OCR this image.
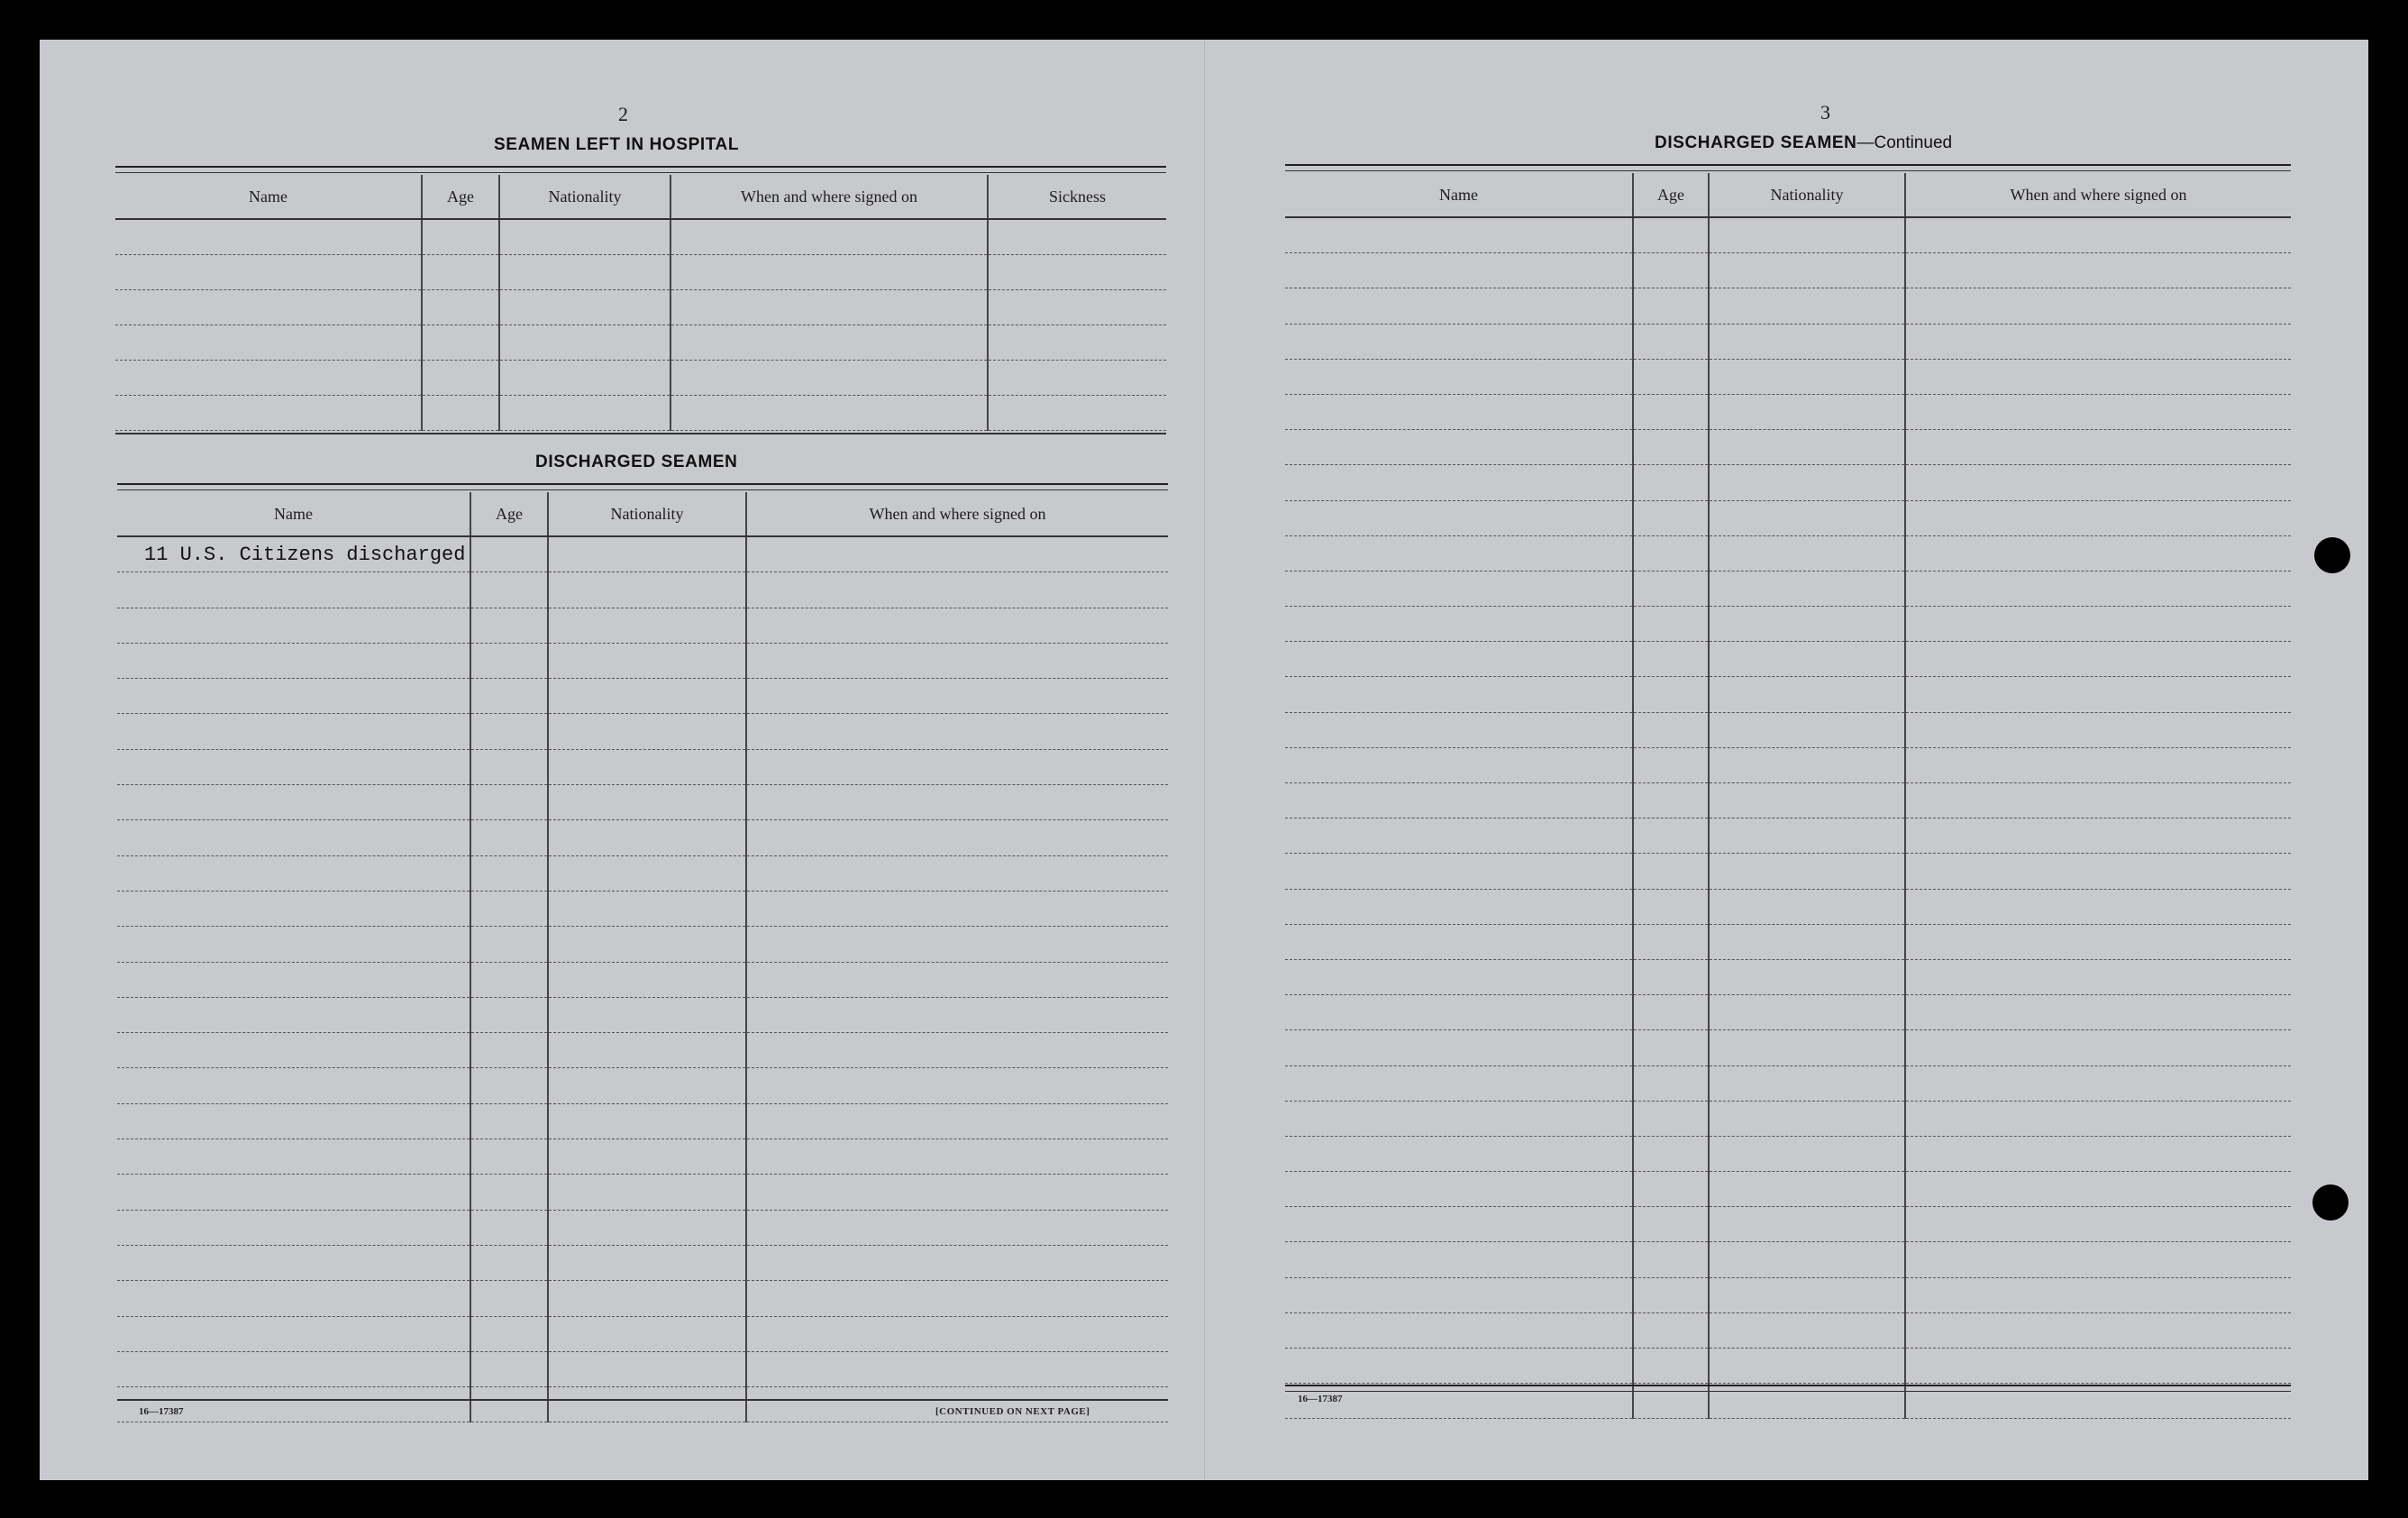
2
SEAMEN LEFT IN HOSPITAL
Name	Age	Nationality	When and where signed on	Sickness

DISCHARGED SEAMEN
Name	Age	Nationality	When and where signed on

11 U.S. Citizens discharged			

16—17387	[CONTINUED ON NEXT PAGE]
3
DISCHARGED SEAMEN—Continued
Name	Age	Nationality	When and where signed on

16—17387
